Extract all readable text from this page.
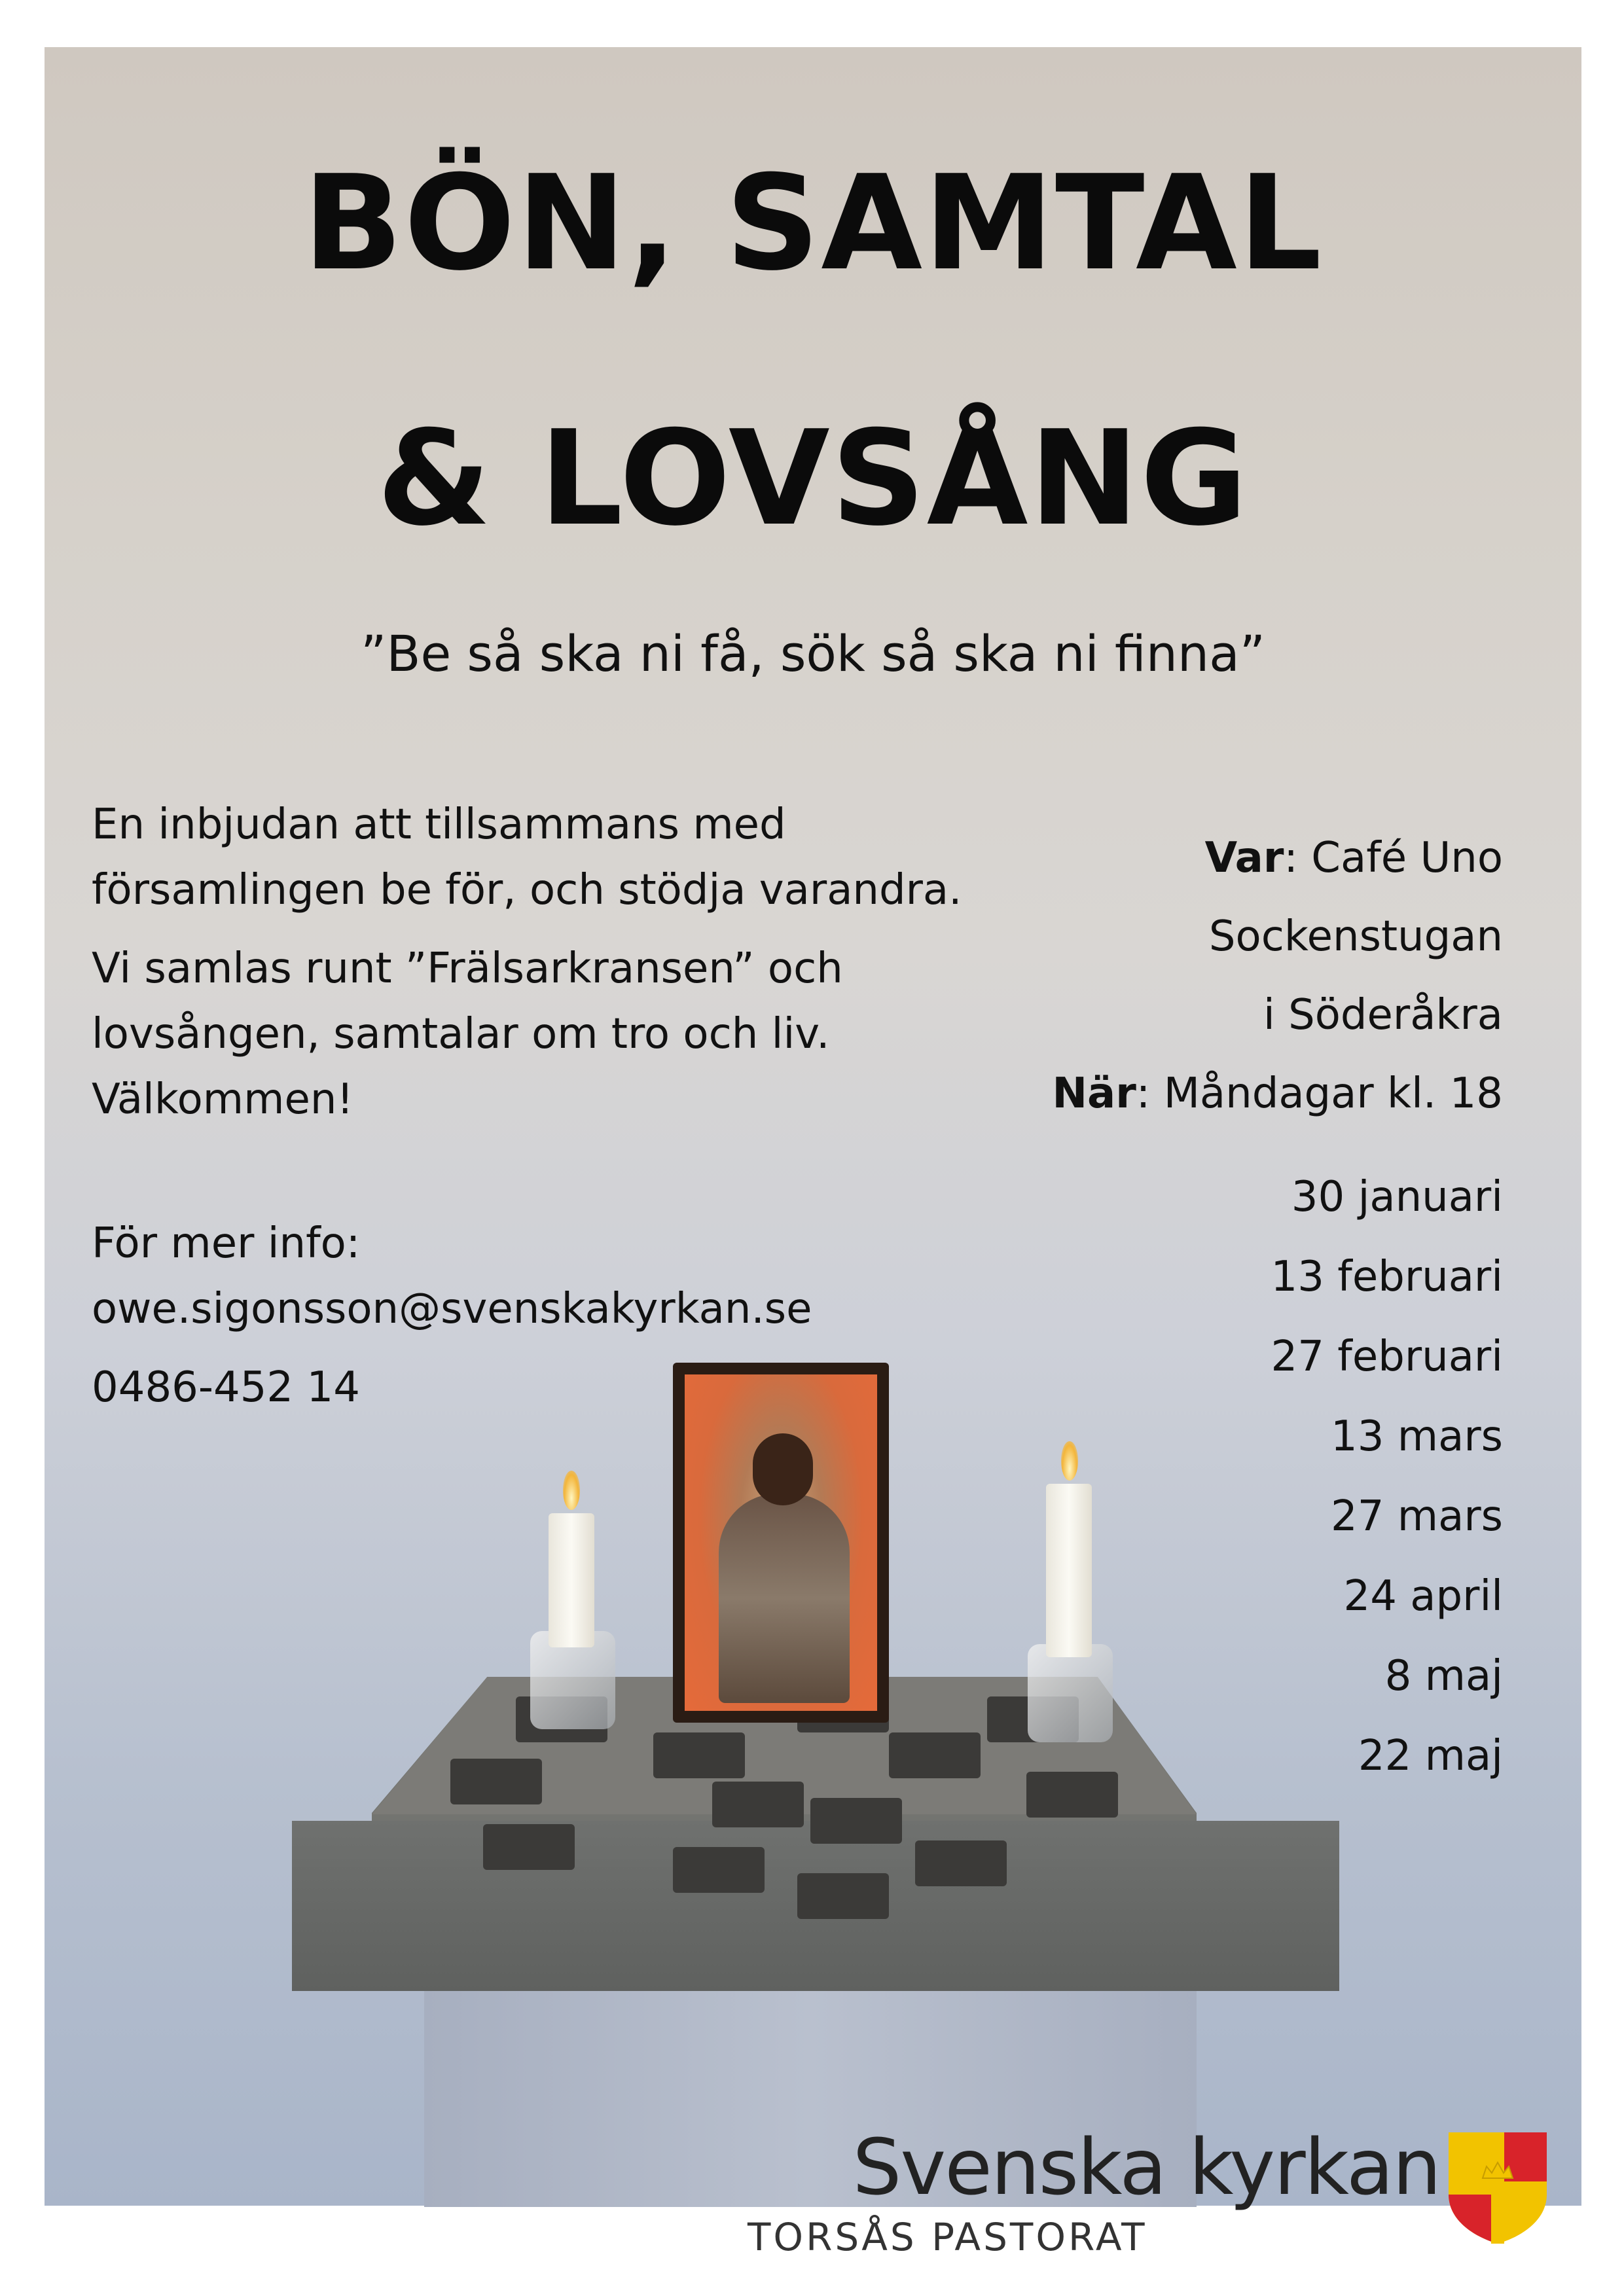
BÖN, SAMTAL
& LOVSÅNG
”Be så ska ni få, sök så ska ni finna”
En inbjudan att tillsammans med
församlingen be för, och stödja varandra.
Vi samlas runt ”Frälsarkransen” och
lovsången, samtalar om tro och liv.
Välkommen!
För mer info:
owe.sigonsson@svenskakyrkan.se
0486-452 14
Var: Café Uno
Sockenstugan
i Söderåkra
När: Måndagar kl. 18
30 januari
13 februari
27 februari
13 mars
27 mars
24 april
8 maj
22 maj
Svenska kyrkan
TORSÅS PASTORAT
